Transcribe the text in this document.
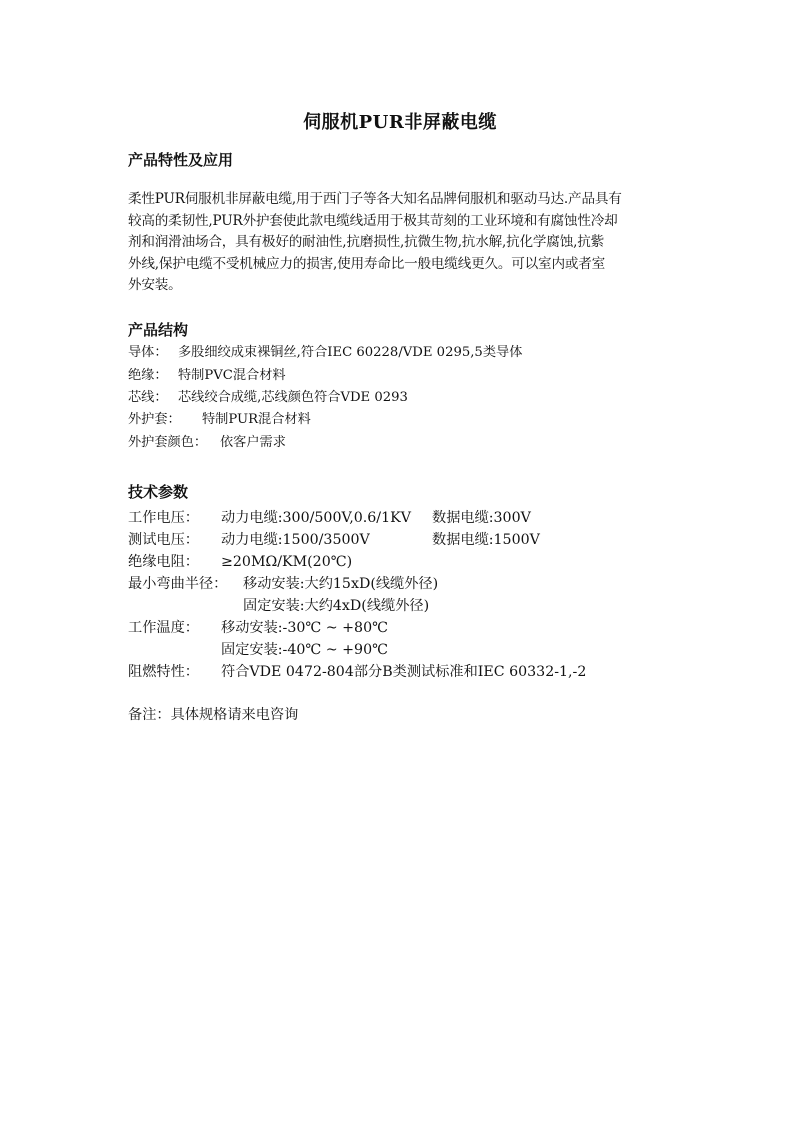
伺服机PUR非屏蔽电缆
产品特性及应用
柔性PUR伺服机非屏蔽电缆,用于西门子等各大知名品牌伺服机和驱动马达.产品具有
较高的柔韧性,PUR外护套使此款电缆线适用于极其苛刻的工业环境和有腐蚀性冷却
剂和润滑油场合，具有极好的耐油性,抗磨损性,抗微生物,抗水解,抗化学腐蚀,抗紫
外线,保护电缆不受机械应力的损害,使用寿命比一般电缆线更久。可以室内或者室
外安装。
产品结构
导体： 多股细绞成束裸铜丝,符合IEC 60228/VDE 0295,5类导体
绝缘： 特制PVC混合材料
芯线： 芯线绞合成缆,芯线颜色符合VDE 0293
外护套： 特制PUR混合材料
外护套颜色： 依客户需求
技术参数
工作电压： 动力电缆:300/500V,0.6/1KV 数据电缆:300V
测试电压： 动力电缆:1500/3500V	数据电缆:1500V
绝缘电阻： ≥20MΩ/KM(20℃)
最小弯曲半径： 移动安装:大约15xD(线缆外径)
固定安装:大约4xD(线缆外径)
工作温度： 移动安装:-30℃ ~ +80℃
固定安装:-40℃ ~ +90℃
阻燃特性： 符合VDE 0472-804部分B类测试标准和IEC 60332-1,-2
备注：具体规格请来电咨询
